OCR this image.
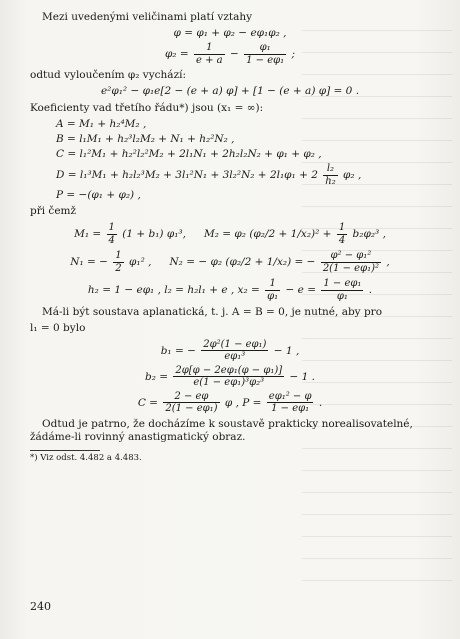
Mezi uvedenými veličinami platí vztahy
φ = φ₁ + φ₂ − eφ₁φ₂ ,
$\varphi_2 = \frac{1}{e + a} - \frac{\text{φ₁}}{\text{1 − eφ₁}}$ ;
odtud vyloučením φ₂ vychází:
e²φ₁² − φ₁e[2 − (e + a) φ] + [1 − (e + a) φ] = 0 .
Koeficienty vad třetího řádu*) jsou (x₁ = ∞):
A = M₁ + h₂⁴M₂ ,
B = l₁M₁ + h₂³l₂M₂ + N₁ + h₂²N₂ ,
C = l₁²M₁ + h₂²l₂²M₂ + 2l₁N₁ + 2h₂l₂N₂ + φ₁ + φ₂ ,
$D = l_1^3M_1 + h_2l_2^3M_2 + 3l_1^2N_1 + 3l_2^2N_2 + 2l_1\varphi_1 + 2 \frac{\text{l₂}}{\text{h₂}} \varphi_2$ ,
P = −(φ₁ + φ₂) ,
při čemž
$M_1 = \frac{1}{4} (1 + b_1)$ φ₁³, M₂ = φ₂ $(\varphi_2/2 + 1/x_2)^2 + \frac{1}{4} b_2\varphi_2^3$ ,
N₁ = − $\frac{1}{2} \varphi_1^2$ , N₂ = − φ₂ (φ₂/2 + 1/x₂) = − $\frac{\text{φ² − φ₁²}}{\text{2(1 − eφ₁)²}}$ ,
h₂ = 1 − eφ₁ , l₂ = h₂l₁ + e , $x_2 = \frac{1}{\text{φ₁}} - e = \frac{\text{1 − eφ₁}}{\text{φ₁}}$ .
Má-li být soustava aplanatická, t. j. A = B = 0, je nutné, aby pro
l₁ = 0 bylo
b₁ = − $\frac{\text{2φ²(1 − eφ₁)}}{\text{eφ₁³}} - 1$ ,
$b_2 = \frac{\text{2φ[φ − 2eφ₁(φ − φ₁)]}}{\text{e(1 − eφ₁)³φ₂³}} - 1$ .
$C = \frac{2 - e\varphi}{\text{2(1 − eφ₁)}}$ φ , $P = \frac{\text{eφ₁² − φ}}{\text{1 − eφ₁}}$ .
Odtud je patrno, že docházíme k soustavě prakticky norealisovatelné, žádáme-li rovinný anastigmatický obraz.
*) Viz odst. 4.482 a 4.483.
240
